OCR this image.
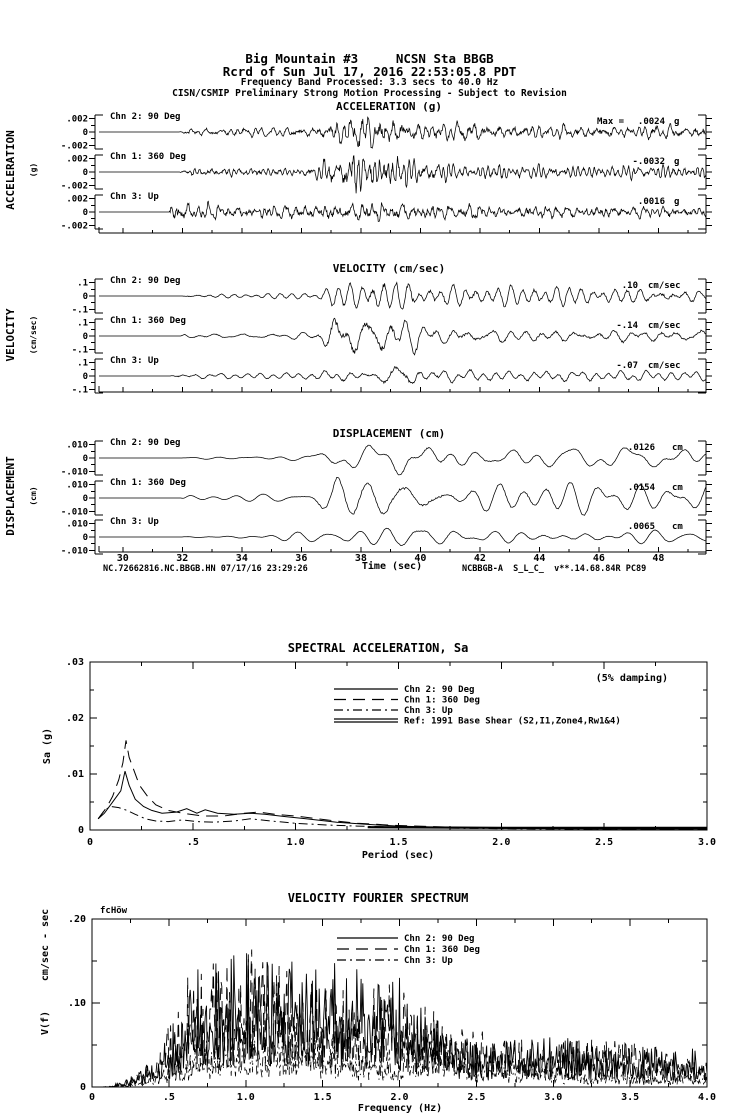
Big Mountain #3     NCSN Sta BBGB
Rcrd of Sun Jul 17, 2016 22:53:05.8 PDT
Frequency Band Processed: 3.3 secs to 40.0 Hz
CISN/CSMIP Preliminary Strong Motion Processing - Subject to Revision
ACCELERATION (g)
ACCELERATION (g)
.002
0
-.002
Chn 2: 90 Deg	Max = .0024 g
.002
0
-.002
Chn 1: 360 Deg	-.0032 g
.002
0
-.002
Chn 3: Up	.0016 g
VELOCITY (cm/sec)
VELOCITY (cm/sec)
.1
0
-.1
Chn 2: 90 Deg	.10 cm/sec
.1
0
-.1
Chn 1: 360 Deg	-.14 cm/sec
.1
0
-.1
Chn 3: Up	-.07 cm/sec
DISPLACEMENT (cm)
DISPLACEMENT (cm)
30	32	34	36	38	40	42	44	46	48
Time (sec)
NC.72662816.NC.BBGB.HN 07/17/16 23:29:26	NCBBGB-A  S_L_C_  v**.14.68.84R PC89
.010
0
-.010
Chn 2: 90 Deg	.0126 cm
.010
0
-.010
Chn 1: 360 Deg	.0154 cm
.010
0
-.010
Chn 3: Up	.0065 cm
SPECTRAL ACCELERATION, Sa
Sa (g)
Period (sec)
(5% damping)
.03
.02
.01
0
0	.5	1.0	1.5	2.0	2.5	3.0
Chn 2: 90 Deg
Chn 1: 360 Deg
Chn 3: Up
Ref: 1991 Base Shear (S2,I1,Zone4,Rw1&4)
VELOCITY FOURIER SPECTRUM
fcHöw
cm/sec - sec
V(f)
Frequency (Hz)
.20
.10
0
0	.5	1.0	1.5	2.0	2.5	3.0	3.5	4.0
Chn 2: 90 Deg
Chn 1: 360 Deg
Chn 3: Up
